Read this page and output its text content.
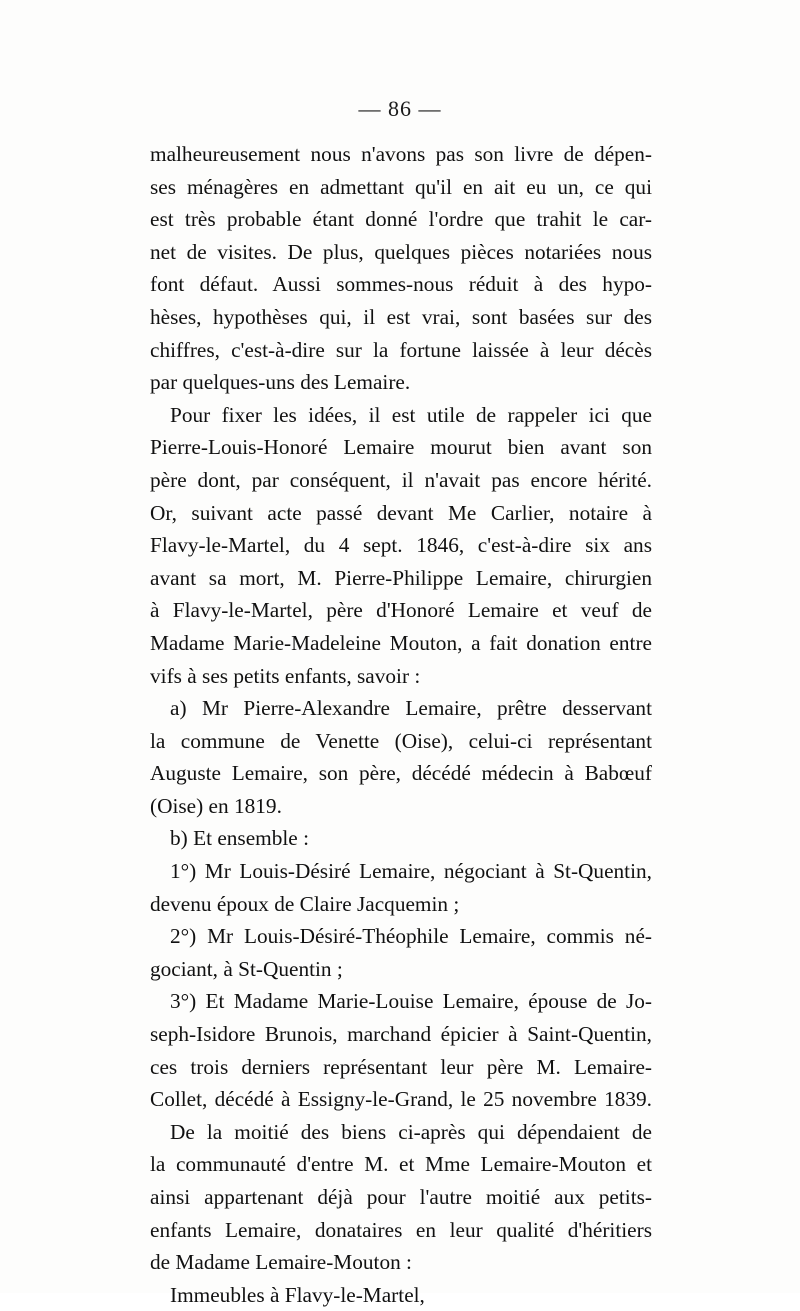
— 86 —
malheureusement nous n'avons pas son livre de dépen-
ses ménagères en admettant qu'il en ait eu un, ce qui
est très probable étant donné l'ordre que trahit le car-
net de visites. De plus, quelques pièces notariées nous
font défaut. Aussi sommes-nous réduit à des hypo-
hèses, hypothèses qui, il est vrai, sont basées sur des
chiffres, c'est-à-dire sur la fortune laissée à leur décès
par quelques-uns des Lemaire.
Pour fixer les idées, il est utile de rappeler ici que
Pierre-Louis-Honoré Lemaire mourut bien avant son
père dont, par conséquent, il n'avait pas encore hérité.
Or, suivant acte passé devant Me Carlier, notaire à
Flavy-le-Martel, du 4 sept. 1846, c'est-à-dire six ans
avant sa mort, M. Pierre-Philippe Lemaire, chirurgien
à Flavy-le-Martel, père d'Honoré Lemaire et veuf de
Madame Marie-Madeleine Mouton, a fait donation entre
vifs à ses petits enfants, savoir :
a) Mr Pierre-Alexandre Lemaire, prêtre desservant
la commune de Venette (Oise), celui-ci représentant
Auguste Lemaire, son père, décédé médecin à Babœuf
(Oise) en 1819.
b) Et ensemble :
1°) Mr Louis-Désiré Lemaire, négociant à St-Quentin,
devenu époux de Claire Jacquemin ;
2°) Mr Louis-Désiré-Théophile Lemaire, commis né-
gociant, à St-Quentin ;
3°) Et Madame Marie-Louise Lemaire, épouse de Jo-
seph-Isidore Brunois, marchand épicier à Saint-Quentin,
ces trois derniers représentant leur père M. Lemaire-
Collet, décédé à Essigny-le-Grand, le 25 novembre 1839.
De la moitié des biens ci-après qui dépendaient de
la communauté d'entre M. et Mme Lemaire-Mouton et
ainsi appartenant déjà pour l'autre moitié aux petits-
enfants Lemaire, donataires en leur qualité d'héritiers
de Madame Lemaire-Mouton :
Immeubles à Flavy-le-Martel,
